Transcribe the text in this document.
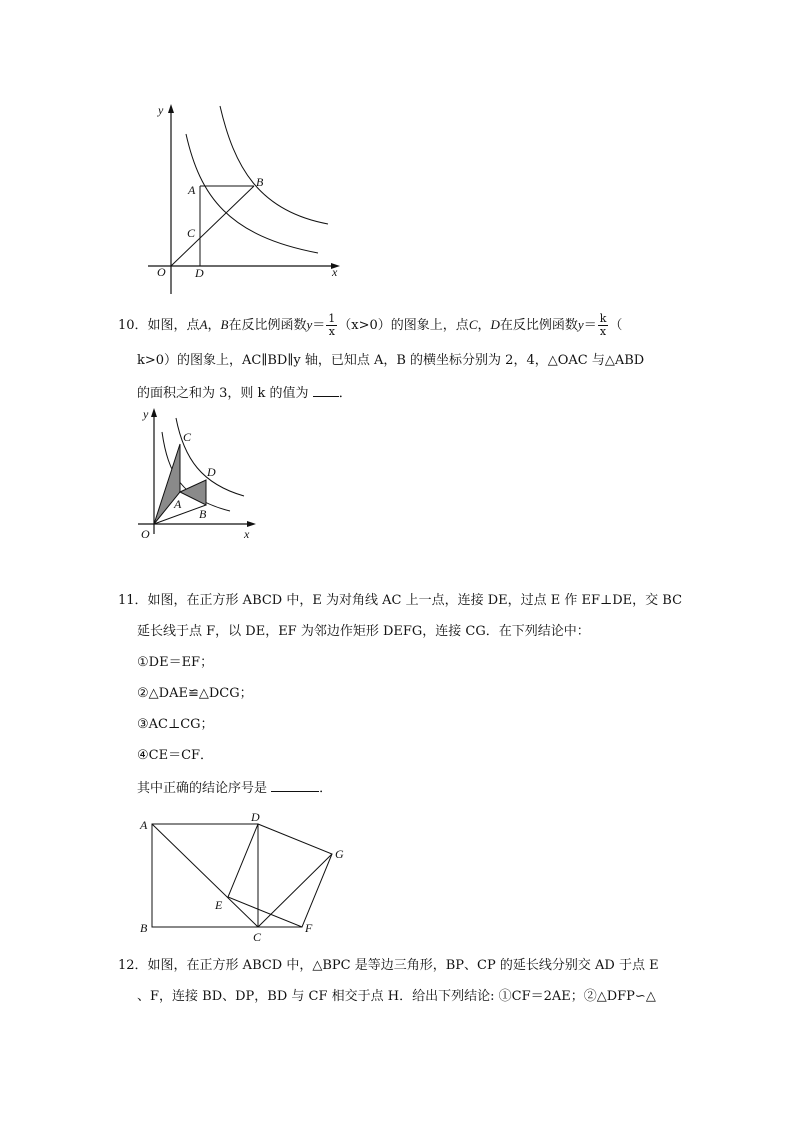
y
x
O
A
B
C
D
10．如图，点A，B在反比例函数$y= \frac{1}{x} (x>0)$的图象上，点C，D在反比例函数$y= \frac{k}{x}$ （
k>0）的图象上，AC∥BD∥y 轴，已知点 A，B 的横坐标分别为 2，4，△OAC 与△ABD
的面积之和为 3，则 k 的值为 ．
y
x
O
C
D
A
B
11．如图，在正方形 ABCD 中，E 为对角线 AC 上一点，连接 DE，过点 E 作 EF⊥DE，交 BC
延长线于点 F，以 DE，EF 为邻边作矩形 DEFG，连接 CG．在下列结论中：
①DE＝EF；
②△DAE≌△DCG；
③AC⊥CG；
④CE＝CF．
其中正确的结论序号是	．
A
D
G
E
B
C
F
12．如图，在正方形 ABCD 中，△BPC 是等边三角形，BP、CP 的延长线分别交 AD 于点 E
、F，连接 BD、DP，BD 与 CF 相交于点 H．给出下列结论: ①CF＝2AE；②△DFP∽△
